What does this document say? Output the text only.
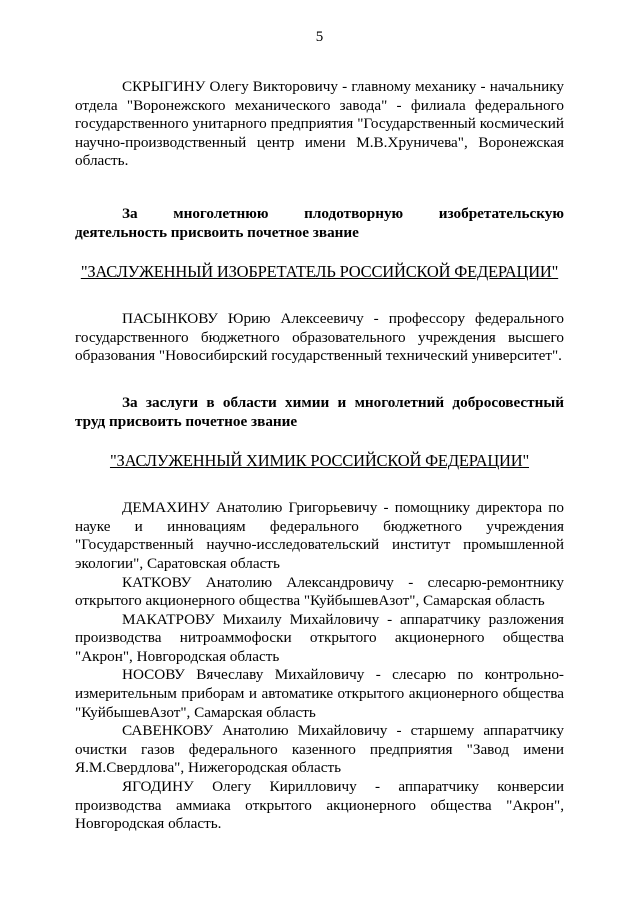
5

СКРЫГИНУ Олегу Викторовичу - главному механику - начальнику отдела "Воронежского механического завода" - филиала федерального государственного унитарного предприятия "Государственный космический научно-производственный центр имени М.В.Хруничева", Воронежская область.

За многолетнюю плодотворную изобретательскую деятельность присвоить почетное звание

"ЗАСЛУЖЕННЫЙ ИЗОБРЕТАТЕЛЬ РОССИЙСКОЙ ФЕДЕРАЦИИ"

ПАСЫНКОВУ Юрию Алексеевичу - профессору федерального государственного бюджетного образовательного учреждения высшего образования "Новосибирский государственный технический университет".

За заслуги в области химии и многолетний добросовестный труд присвоить почетное звание

"ЗАСЛУЖЕННЫЙ ХИМИК РОССИЙСКОЙ ФЕДЕРАЦИИ"

ДЕМАХИНУ Анатолию Григорьевичу - помощнику директора по науке и инновациям федерального бюджетного учреждения "Государственный научно-исследовательский институт промышленной экологии", Саратовская область

КАТКОВУ Анатолию Александровичу - слесарю-ремонтнику открытого акционерного общества "КуйбышевАзот", Самарская область

МАКАТРОВУ Михаилу Михайловичу - аппаратчику разложения производства нитроаммофоски открытого акционерного общества "Акрон", Новгородская область

НОСОВУ Вячеславу Михайловичу - слесарю по контрольно-измерительным приборам и автоматике открытого акционерного общества "КуйбышевАзот", Самарская область

САВЕНКОВУ Анатолию Михайловичу - старшему аппаратчику очистки газов федерального казенного предприятия "Завод имени Я.М.Свердлова", Нижегородская область

ЯГОДИНУ Олегу Кирилловичу - аппаратчику конверсии производства аммиака открытого акционерного общества "Акрон", Новгородская область.
